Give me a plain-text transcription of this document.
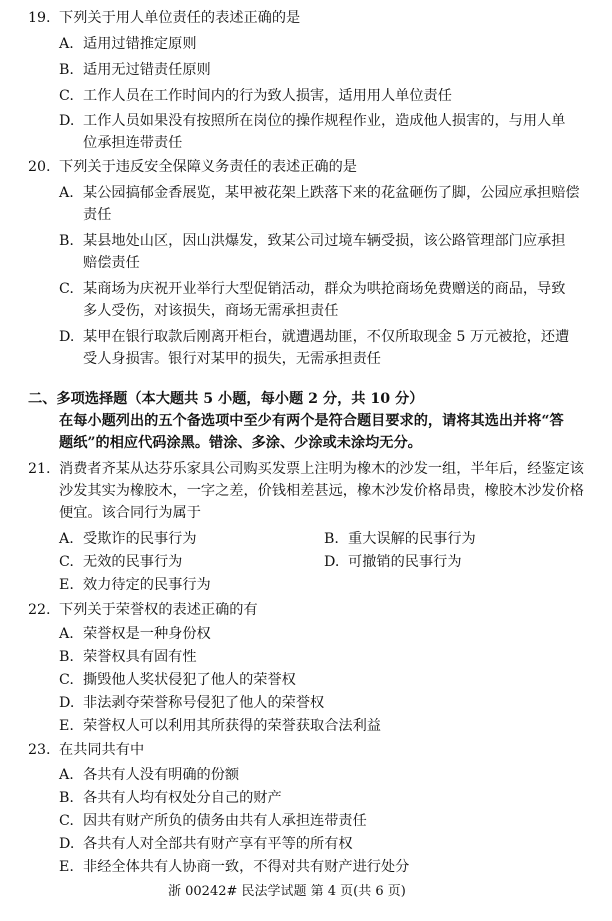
19. 下列关于用人单位责任的表述正确的是
A. 适用过错推定原则
B. 适用无过错责任原则
C. 工作人员在工作时间内的行为致人损害，适用用人单位责任
D. 工作人员如果没有按照所在岗位的操作规程作业，造成他人损害的，与用人单
位承担连带责任
20. 下列关于违反安全保障义务责任的表述正确的是
A. 某公园搞郁金香展览，某甲被花架上跌落下来的花盆砸伤了脚，公园应承担赔偿
责任
B. 某县地处山区，因山洪爆发，致某公司过境车辆受损，该公路管理部门应承担
赔偿责任
C. 某商场为庆祝开业举行大型促销活动，群众为哄抢商场免费赠送的商品，导致
多人受伤，对该损失，商场无需承担责任
D. 某甲在银行取款后刚离开柜台，就遭遇劫匪，不仅所取现金 5 万元被抢，还遭
受人身损害。银行对某甲的损失，无需承担责任
二、多项选择题（本大题共 5 小题，每小题 2 分，共 10 分）
在每小题列出的五个备选项中至少有两个是符合题目要求的，请将其选出并将“答
题纸”的相应代码涂黑。错涂、多涂、少涂或未涂均无分。
21. 消费者齐某从达芬乐家具公司购买发票上注明为橡木的沙发一组，半年后，经鉴定该
沙发其实为橡胶木，一字之差，价钱相差甚远，橡木沙发价格昂贵，橡胶木沙发价格
便宜。该合同行为属于
A. 受欺诈的民事行为	B. 重大误解的民事行为
C. 无效的民事行为	D. 可撤销的民事行为
E. 效力待定的民事行为
22. 下列关于荣誉权的表述正确的有
A. 荣誉权是一种身份权
B. 荣誉权具有固有性
C. 撕毁他人奖状侵犯了他人的荣誉权
D. 非法剥夺荣誉称号侵犯了他人的荣誉权
E. 荣誉权人可以利用其所获得的荣誉获取合法利益
23. 在共同共有中
A. 各共有人没有明确的份额
B. 各共有人均有权处分自己的财产
C. 因共有财产所负的债务由共有人承担连带责任
D. 各共有人对全部共有财产享有平等的所有权
E. 非经全体共有人协商一致，不得对共有财产进行处分
浙 00242# 民法学试题 第 4 页(共 6 页)
